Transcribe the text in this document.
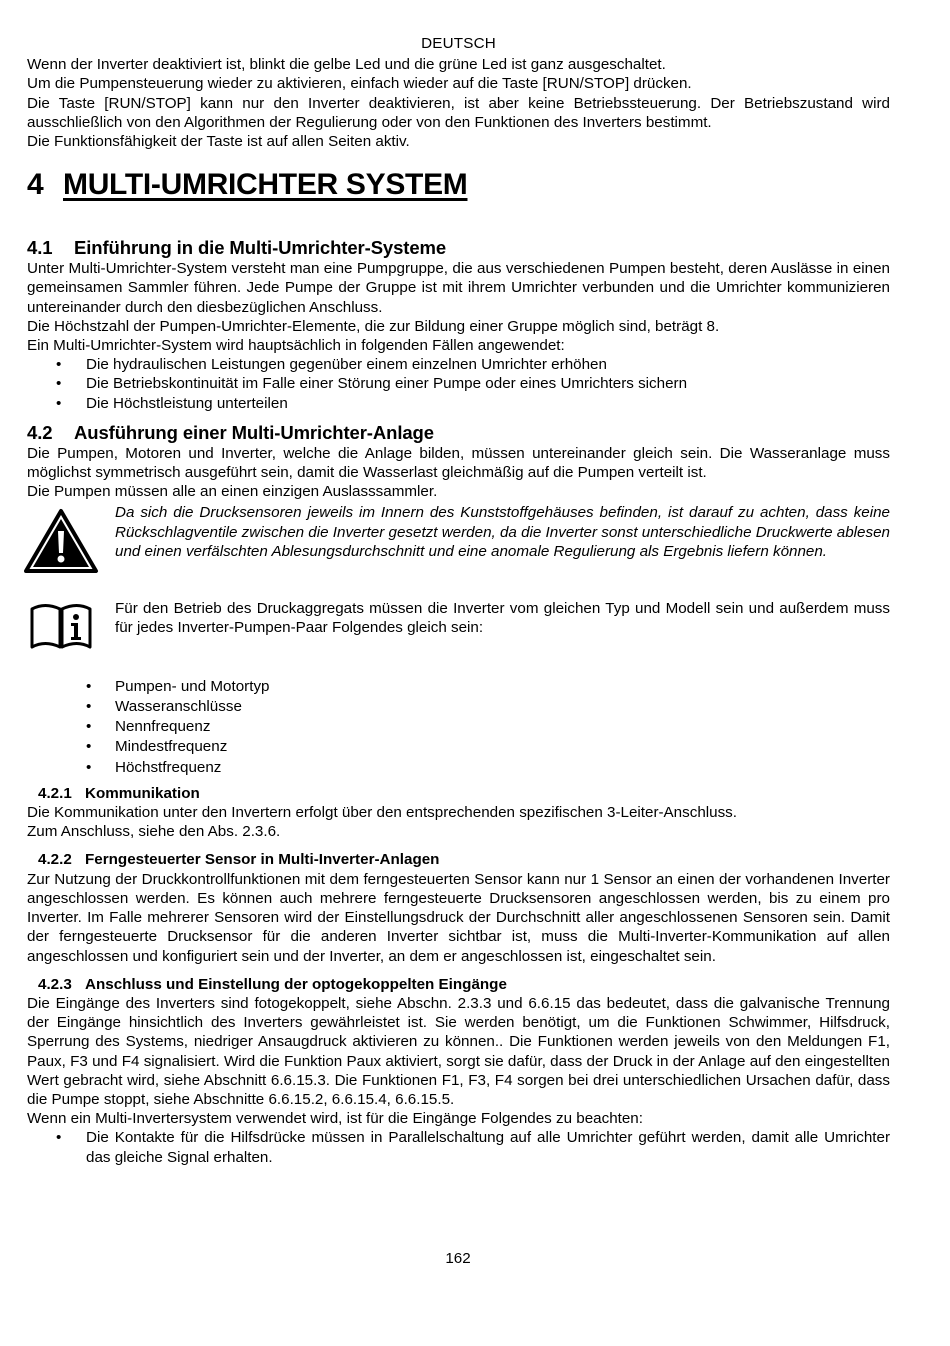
DEUTSCH

Wenn der Inverter deaktiviert ist, blinkt die gelbe Led und die grüne Led ist ganz ausgeschaltet.

Um die Pumpensteuerung wieder zu aktivieren, einfach wieder auf die Taste [RUN/STOP] drücken.

Die Taste [RUN/STOP] kann nur den Inverter deaktivieren, ist aber keine Betriebssteuerung. Der Betriebszustand wird ausschließlich von den Algorithmen der Regulierung oder von den Funktionen des Inverters bestimmt.

Die Funktionsfähigkeit der Taste ist auf allen Seiten aktiv.

4 MULTI-UMRICHTER SYSTEM
4.1 Einführung in die Multi-Umrichter-Systeme

Unter Multi-Umrichter-System versteht man eine Pumpgruppe, die aus verschiedenen Pumpen besteht, deren Auslässe in einen gemeinsamen Sammler führen. Jede Pumpe der Gruppe ist mit ihrem Umrichter verbunden und die Umrichter kommunizieren untereinander durch den diesbezüglichen Anschluss.

Die Höchstzahl der Pumpen-Umrichter-Elemente, die zur Bildung einer Gruppe möglich sind, beträgt 8.

Ein Multi-Umrichter-System wird hauptsächlich in folgenden Fällen angewendet:

• Die hydraulischen Leistungen gegenüber einem einzelnen Umrichter erhöhen
• Die Betriebskontinuität im Falle einer Störung einer Pumpe oder eines Umrichters sichern
• Die Höchstleistung unterteilen
4.2 Ausführung einer Multi-Umrichter-Anlage

Die Pumpen, Motoren und Inverter, welche die Anlage bilden, müssen untereinander gleich sein. Die Wasseranlage muss möglichst symmetrisch ausgeführt sein, damit die Wasserlast gleichmäßig auf die Pumpen verteilt ist.

Die Pumpen müssen alle an einen einzigen Auslasssammler.

Da sich die Drucksensoren jeweils im Innern des Kunststoffgehäuses befinden, ist darauf zu achten, dass keine Rückschlagventile zwischen die Inverter gesetzt werden, da die Inverter sonst unterschiedliche Druckwerte ablesen und einen verfälschten Ablesungsdurchschnitt und eine anomale Regulierung als Ergebnis liefern können.

Für den Betrieb des Druckaggregats müssen die Inverter vom gleichen Typ und Modell sein und außerdem muss für jedes Inverter-Pumpen-Paar Folgendes gleich sein:

• Pumpen- und Motortyp
• Wasseranschlüsse
• Nennfrequenz
• Mindestfrequenz
• Höchstfrequenz
4.2.1 Kommunikation

Die Kommunikation unter den Invertern erfolgt über den entsprechenden spezifischen 3-Leiter-Anschluss.

Zum Anschluss, siehe den Abs. 2.3.6.

4.2.2 Ferngesteuerter Sensor in Multi-Inverter-Anlagen

Zur Nutzung der Druckkontrollfunktionen mit dem ferngesteuerten Sensor kann nur 1 Sensor an einen der vorhandenen Inverter angeschlossen werden. Es können auch mehrere ferngesteuerte Drucksensoren angeschlossen werden, bis zu einem pro Inverter. Im Falle mehrerer Sensoren wird der Einstellungsdruck der Durchschnitt aller angeschlossenen Sensoren sein. Damit der ferngesteuerte Drucksensor für die anderen Inverter sichtbar ist, muss die Multi-Inverter-Kommunikation auf allen angeschlossen und konfiguriert sein und der Inverter, an dem er angeschlossen ist, eingeschaltet sein.

4.2.3 Anschluss und Einstellung der optogekoppelten Eingänge

Die Eingänge des Inverters sind fotogekoppelt, siehe Abschn. 2.3.3 und 6.6.15 das bedeutet, dass die galvanische Trennung der Eingänge hinsichtlich des Inverters gewährleistet ist. Sie werden benötigt, um die Funktionen Schwimmer, Hilfsdruck, Sperrung des Systems, niedriger Ansaugdruck aktivieren zu können.. Die Funktionen werden jeweils von den Meldungen F1, Paux, F3 und F4 signalisiert. Wird die Funktion Paux aktiviert, sorgt sie dafür, dass der Druck in der Anlage auf den eingestellten Wert gebracht wird, siehe Abschnitt 6.6.15.3. Die Funktionen F1, F3, F4 sorgen bei drei unterschiedlichen Ursachen dafür, dass die Pumpe stoppt, siehe Abschnitte 6.6.15.2, 6.6.15.4, 6.6.15.5.

Wenn ein Multi-Invertersystem verwendet wird, ist für die Eingänge Folgendes zu beachten:

• Die Kontakte für die Hilfsdrücke müssen in Parallelschaltung auf alle Umrichter geführt werden, damit alle Umrichter das gleiche Signal erhalten.

162
